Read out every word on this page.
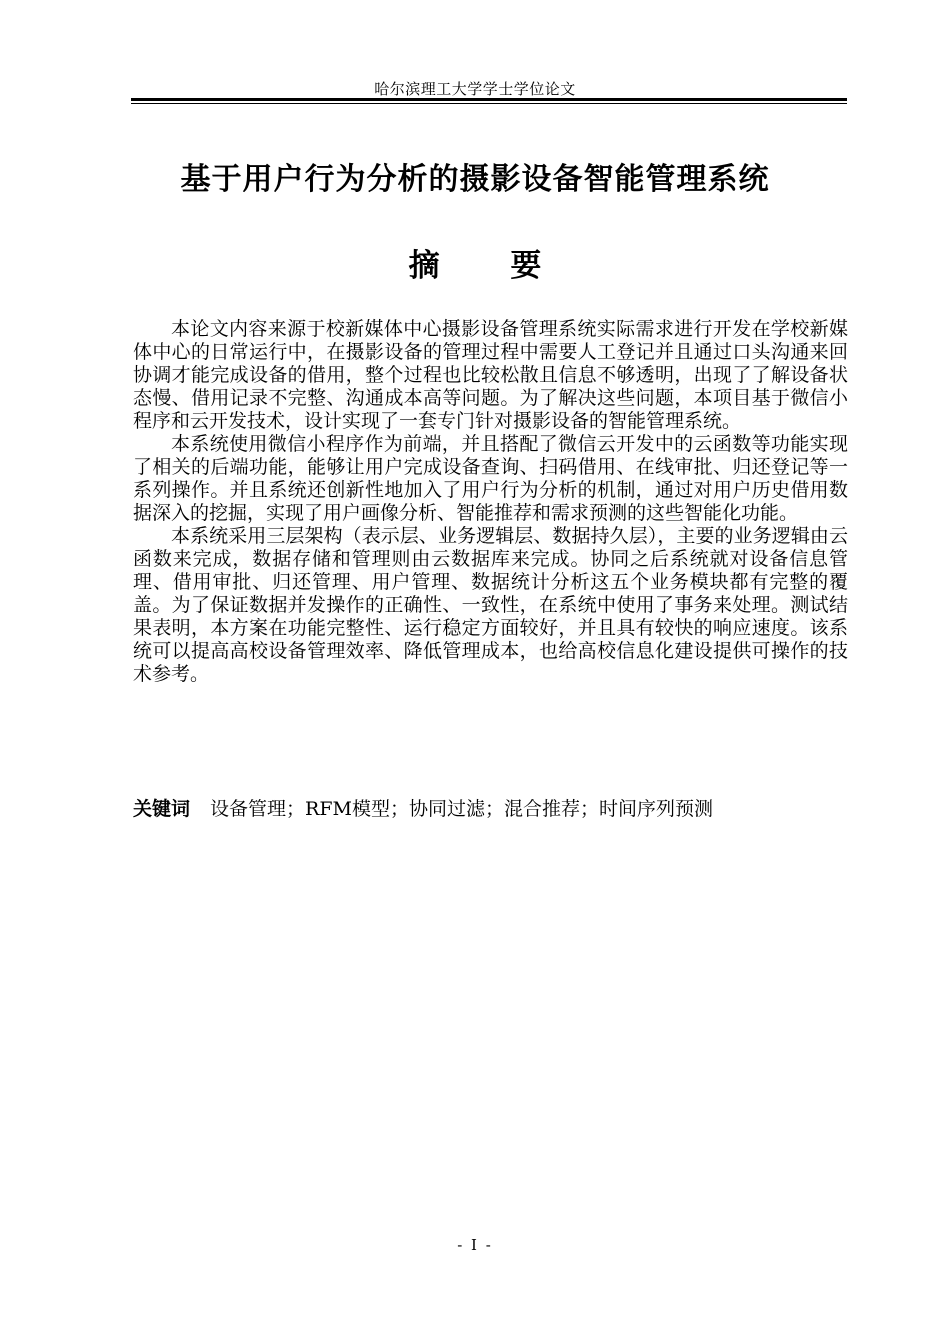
哈尔滨理工大学学士学位论文
基于用户行为分析的摄影设备智能管理系统
摘 要

本论文内容来源于校新媒体中心摄影设备管理系统实际需求进行开发在学校新媒体中心的日常运行中，在摄影设备的管理过程中需要人工登记并且通过口头沟通来回协调才能完成设备的借用，整个过程也比较松散且信息不够透明，出现了了解设备状态慢、借用记录不完整、沟通成本高等问题。为了解决这些问题，本项目基于微信小程序和云开发技术，设计实现了一套专门针对摄影设备的智能管理系统。

本系统使用微信小程序作为前端，并且搭配了微信云开发中的云函数等功能实现了相关的后端功能，能够让用户完成设备查询、扫码借用、在线审批、归还登记等一系列操作。并且系统还创新性地加入了用户行为分析的机制，通过对用户历史借用数据深入的挖掘，实现了用户画像分析、智能推荐和需求预测的这些智能化功能。

本系统采用三层架构（表示层、业务逻辑层、数据持久层），主要的业务逻辑由云函数来完成，数据存储和管理则由云数据库来完成。协同之后系统就对设备信息管理、借用审批、归还管理、用户管理、数据统计分析这五个业务模块都有完整的覆盖。为了保证数据并发操作的正确性、一致性，在系统中使用了事务来处理。测试结果表明，本方案在功能完整性、运行稳定方面较好，并且具有较快的响应速度。该系统可以提高高校设备管理效率、降低管理成本，也给高校信息化建设提供可操作的技术参考。

关键词 设备管理；RFM模型；协同过滤；混合推荐；时间序列预测
- I -
